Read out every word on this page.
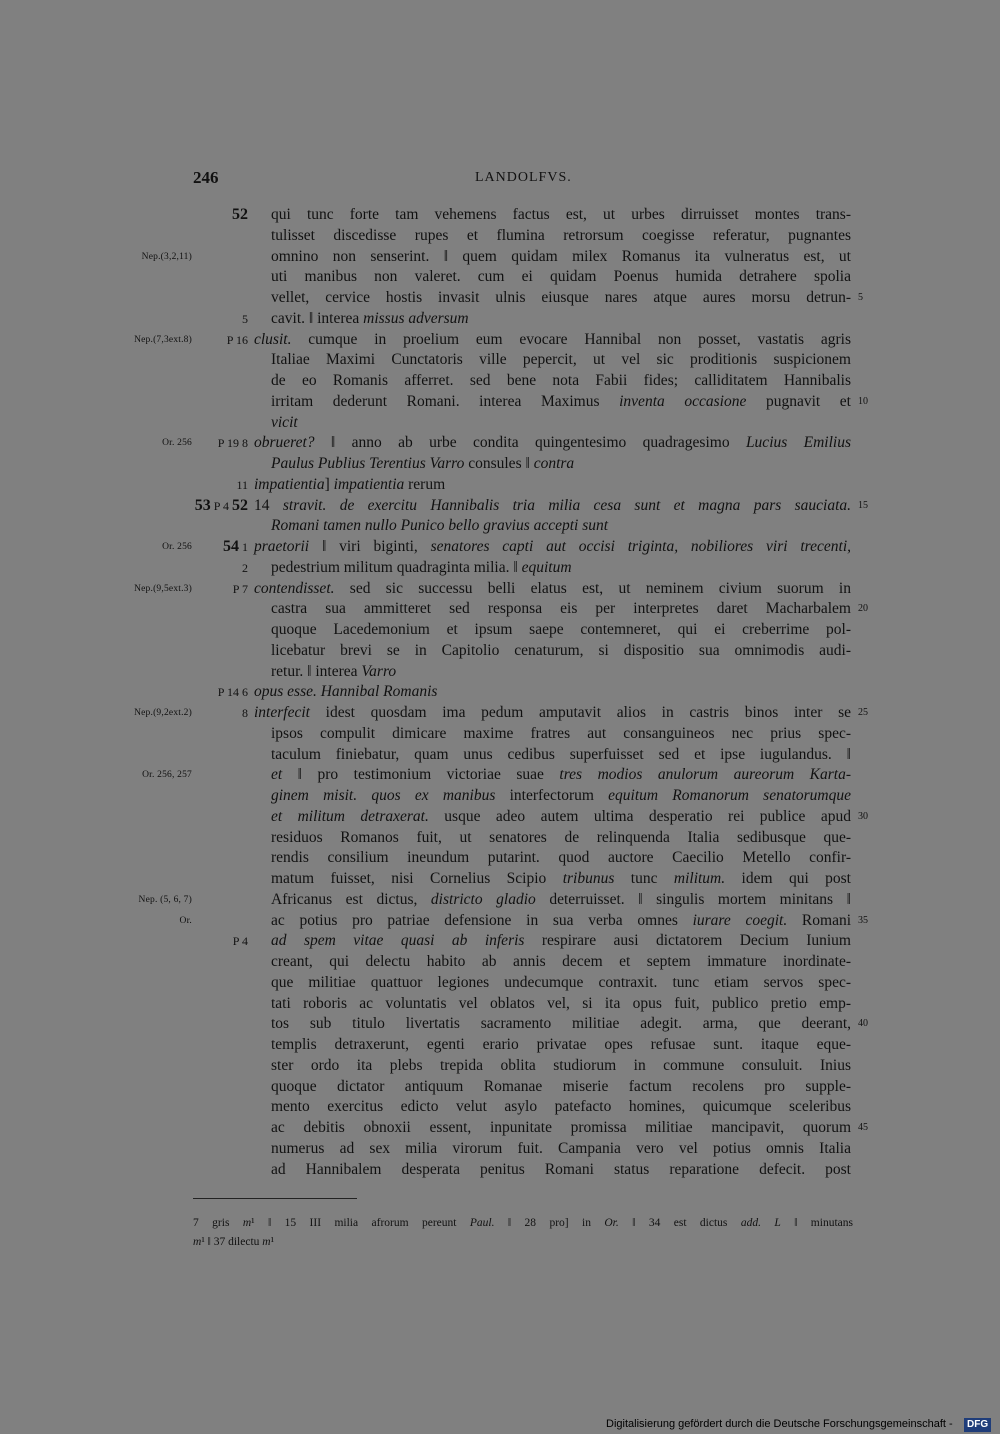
246	LANDOLFVS.
52 qui tunc forte tam vehemens factus est, ut urbes dirruisset montes trans-
tulisset discedisse rupes et flumina retrorsum coegisse referatur, pugnantes
Nep.(3,2,11)	omnino non senserint. ‖ quem quidam milex Romanus ita vulneratus est, ut
uti manibus non valeret. cum ei quidam Poenus humida detrahere spolia
vellet, cervice hostis invasit ulnis eiusque nares atque aures morsu detrun- 5
5 cavit. ‖ interea missus adversum
Nep.(7,3ext.8)	P 16 clusit. cumque in proelium eum evocare Hannibal non posset, vastatis agris
Italiae Maximi Cunctatoris ville pepercit, ut vel sic proditionis suspicionem
de eo Romanis afferret. sed bene nota Fabii fides; calliditatem Hannibalis
irritam dederunt Romani. interea Maximus inventa occasione pugnavit et 10
vicit
Or. 256 P 19 8 obrueret? ‖ anno ab urbe condita quingentesimo quadragesimo Lucius Emilius
Paulus Publius Terentius Varro consules ‖ contra
11 impatientia] impatientia rerum
53 P 4 52 14 stravit. de exercitu Hannibalis tria milia cesa sunt et magna pars sauciata. 15
Romani tamen nullo Punico bello gravius accepti sunt
Or. 256 54 1 praetorii ‖ viri biginti, senatores capti aut occisi triginta, nobiliores viri trecenti,
2 pedestrium militum quadraginta milia. ‖ equitum
Nep.(9,5ext.3)	P 7 contendisset. sed sic successu belli elatus est, ut neminem civium suorum in
castra sua ammitteret sed responsa eis per interpretes daret Macharbalem 20
quoque Lacedemonium et ipsum saepe contemneret, qui ei creberrime pol-
licebatur brevi se in Capitolio cenaturum, si dispositio sua omnimodis audi-
retur. ‖ interea Varro
P 14 6 opus esse. Hannibal Romanis
Nep.(9,2ext.2)	8 interfecit idest quosdam ima pedum amputavit alios in castris binos inter se 25
ipsos compulit dimicare maxime fratres aut consanguineos nec prius spec-
taculum finiebatur, quam unus cedibus superfuisset sed et ipse iugulandus. ‖
Or. 256, 257	et ‖ pro testimonium victoriae suae tres modios anulorum aureorum Karta-
ginem misit. quos ex manibus interfectorum equitum Romanorum senatorumque
et militum detraxerat. usque adeo autem ultima desperatio rei publice apud 30
residuos Romanos fuit, ut senatores de relinquenda Italia sedibusque que-
rendis consilium ineundum putarint. quod auctore Caecilio Metello confir-
matum fuisset, nisi Cornelius Scipio tribunus tunc militum. idem qui post
Nep. (5, 6, 7)	Africanus est dictus, districto gladio deterruisset. ‖ singulis mortem minitans ‖
Or.	ac potius pro patriae defensione in sua verba omnes iurare coegit. Romani 35
P 4 ad spem vitae quasi ab inferis respirare ausi dictatorem Decium Iunium
creant, qui delectu habito ab annis decem et septem immature inordinate-
que militiae quattuor legiones undecumque contraxit. tunc etiam servos spec-
tati roboris ac voluntatis vel oblatos vel, si ita opus fuit, publico pretio emp-
tos sub titulo livertatis sacramento militiae adegit. arma, que deerant, 40
templis detraxerunt, egenti erario privatae opes refusae sunt. itaque eque-
ster ordo ita plebs trepida oblita studiorum in commune consuluit. Inius
quoque dictator antiquum Romanae miserie factum recolens pro supple-
mento exercitus edicto velut asylo patefacto homines, quicumque sceleribus
ac debitis obnoxii essent, inpunitate promissa militiae mancipavit, quorum 45
numerus ad sex milia virorum fuit. Campania vero vel potius omnis Italia
ad Hannibalem desperata penitus Romani status reparatione defecit. post
7 gris m¹ ‖ 15 III milia afrorum pereunt Paul. ‖ 28 pro] in Or. ‖ 34 est dictus add. L ‖ minutans
m¹ ‖ 37 dilectu m¹
Digitalisierung gefördert durch die Deutsche Forschungsgemeinschaft -	DFG
